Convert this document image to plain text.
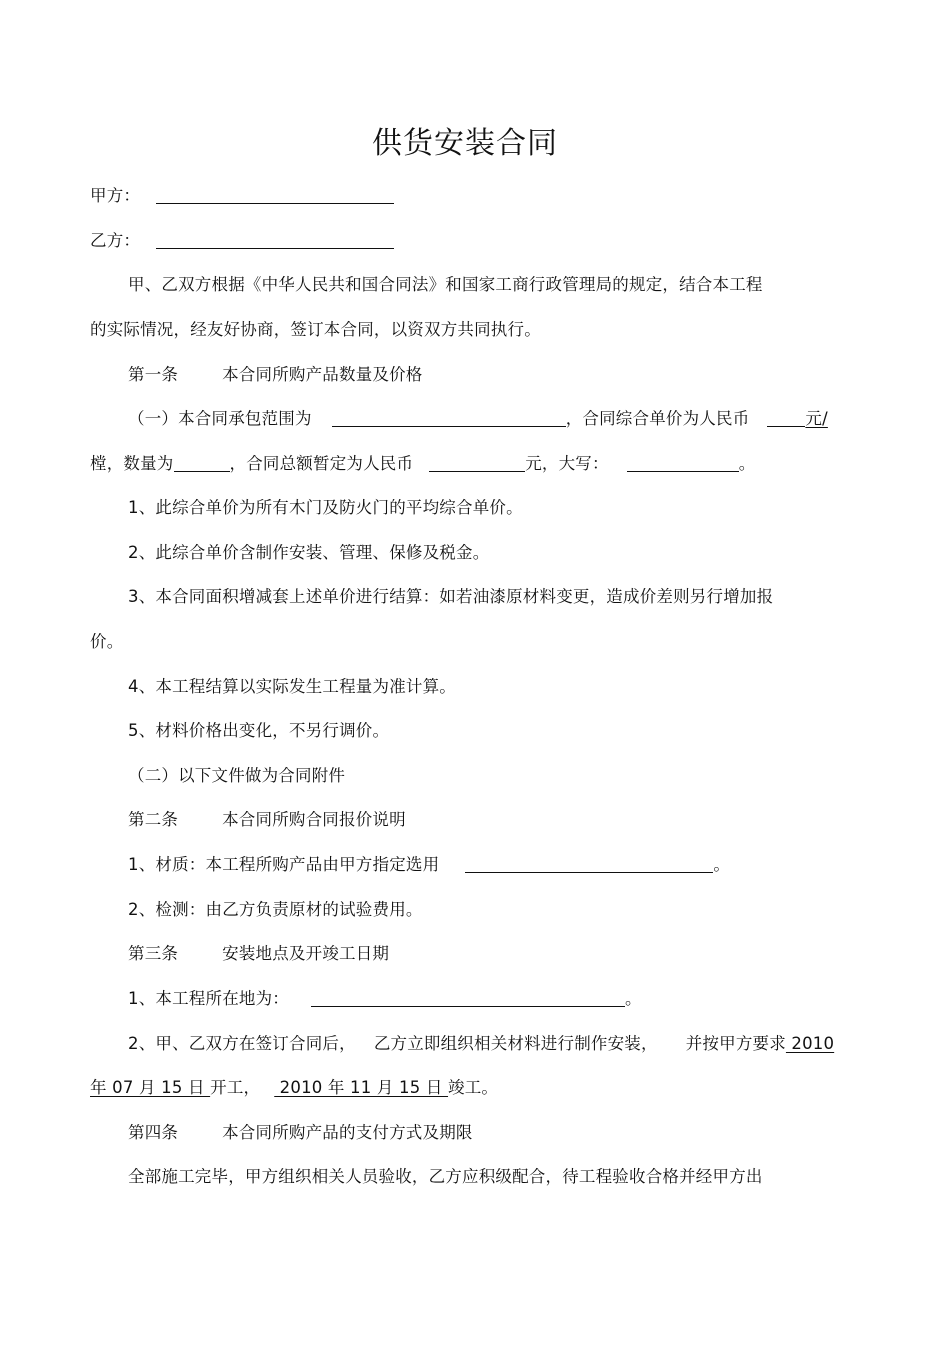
供货安装合同
甲方：
乙方：
甲、乙双方根据《中华人民共和国合同法》和国家工商行政管理局的规定，结合本工程
的实际情况，经友好协商，签订本合同，以资双方共同执行。
第一条	本合同所购产品数量及价格
（一）本合同承包范围为	，合同综合单价为人民币	元/
樘，数量为	，合同总额暂定为人民币	元，大写：	。
1、此综合单价为所有木门及防火门的平均综合单价。
2、此综合单价含制作安装、管理、保修及税金。
3、本合同面积增减套上述单价进行结算：如若油漆原材料变更，造成价差则另行增加报
价。
4、本工程结算以实际发生工程量为准计算。
5、材料价格出变化，不另行调价。
（二）以下文件做为合同附件
第二条	本合同所购合同报价说明
1、材质：本工程所购产品由甲方指定选用	。
2、检测：由乙方负责原材的试验费用。
第三条	安装地点及开竣工日期
1、本工程所在地为：	。
2、甲、乙双方在签订合同后， 乙方立即组织相关材料进行制作安装， 并按甲方要求 2010
年 07 月 15 日 开工， 2010 年 11 月 15 日 竣工。
第四条	本合同所购产品的支付方式及期限
全部施工完毕，甲方组织相关人员验收，乙方应积级配合，待工程验收合格并经甲方出
